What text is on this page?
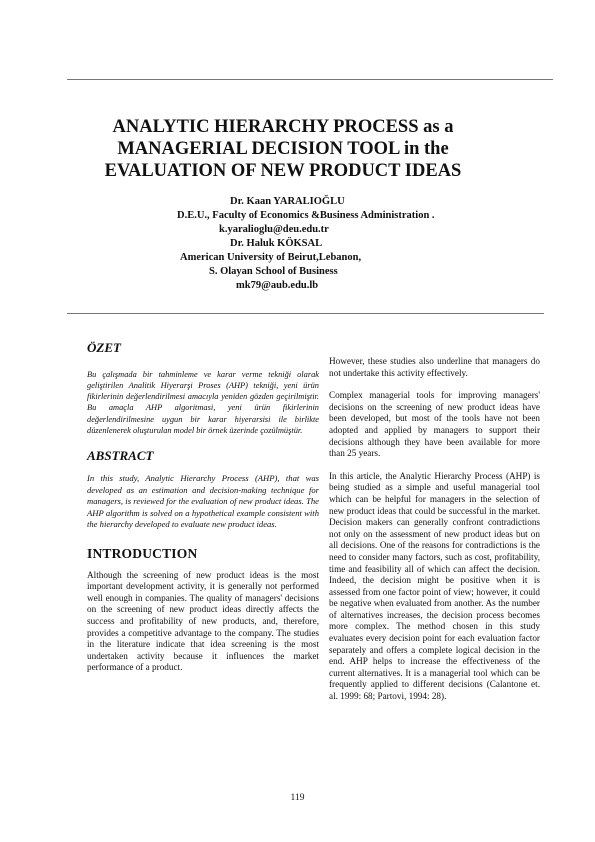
ANALYTIC HIERARCHY PROCESS as a
MANAGERIAL DECISION TOOL in the
EVALUATION OF NEW PRODUCT IDEAS
Dr. Kaan YARALIOĞLU
D.E.U., Faculty of Economics &Business Administration .
k.yaralioglu@deu.edu.tr
Dr. Haluk KÖKSAL
American University of Beirut,Lebanon,
S. Olayan School of Business
mk79@aub.edu.lb
ÖZET

Bu çalışmada bir tahminleme ve karar verme tekniği olarak geliştirilen Analitik Hiyerarşi Proses (AHP) tekniği, yeni ürün fikirlerinin değerlendirilmesi amacıyla yeniden gözden geçirilmiştir. Bu amaçla AHP algoritmasi, yeni ürün fikirlerinin değerlendirilmesine uygun bir karar hiyerarsisi ile birlikte düzenlenerek oluşturulan model bir örnek üzerinde çozülmüştür.

ABSTRACT

In this study, Analytic Hierarchy Process (AHP), that was developed as an estimation and decision-making technique for managers, is reviewed for the evaluation of new product ideas. The AHP algorithm is solved on a hypothetical example consistent with the hierarchy developed to evaluate new product ideas.

INTRODUCTION

Although the screening of new product ideas is the most important development activity, it is generally not performed well enough in companies. The quality of managers' decisions on the screening of new product ideas directly affects the success and profitability of new products, and, therefore, provides a competitive advantage to the company. The studies in the literature indicate that idea screening is the most undertaken activity because it influences the market performance of a product.

However, these studies also underline that managers do not undertake this activity effectively.

Complex managerial tools for improving managers' decisions on the screening of new product ideas have been developed, but most of the tools have not been adopted and applied by managers to support their decisions although they have been available for more than 25 years.

In this article, the Analytic Hierarchy Process (AHP) is being studied as a simple and useful managerial tool which can be helpful for managers in the selection of new product ideas that could be successful in the market. Decision makers can generally confront contradictions not only on the assessment of new product ideas but on all decisions. One of the reasons for contradictions is the need to consider many factors, such as cost, profitability, time and feasibility all of which can affect the decision. Indeed, the decision might be positive when it is assessed from one factor point of view; however, it could be negative when evaluated from another. As the number of alternatives increases, the decision process becomes more complex. The method chosen in this study evaluates every decision point for each evaluation factor separately and offers a complete logical decision in the end. AHP helps to increase the effectiveness of the current alternatives. It is a managerial tool which can be frequently applied to different decisions (Calantone et. al. 1999: 68; Partovi, 1994: 28).

119
